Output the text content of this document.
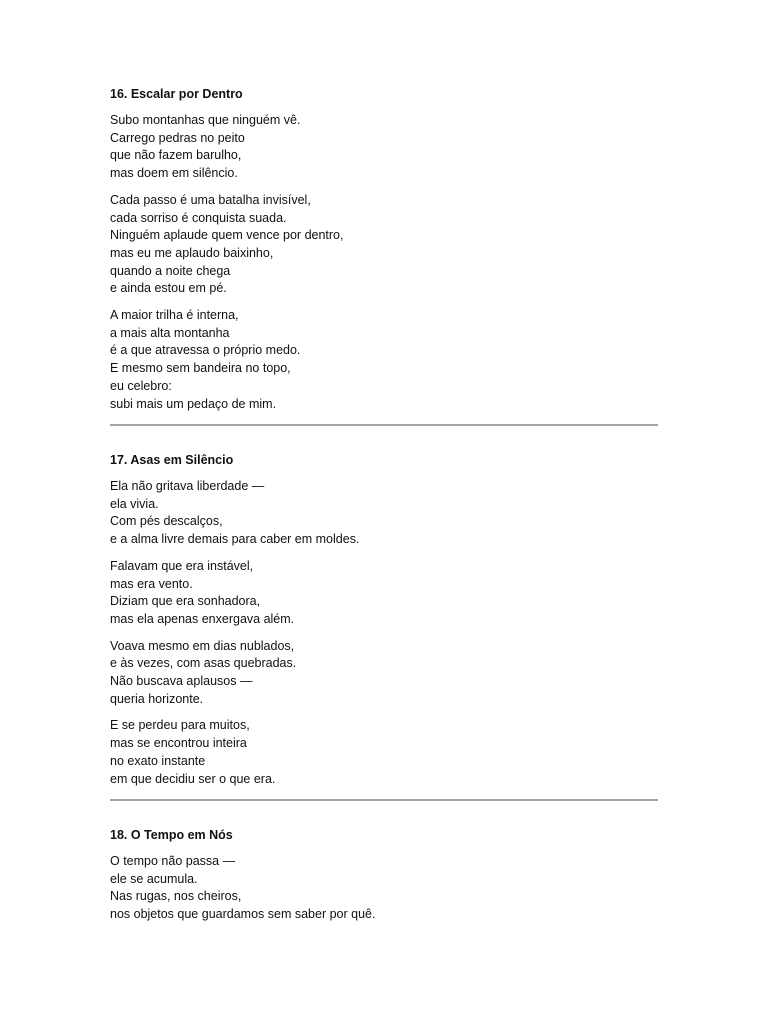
16. Escalar por Dentro
Subo montanhas que ninguém vê.
Carrego pedras no peito
que não fazem barulho,
mas doem em silêncio.
Cada passo é uma batalha invisível,
cada sorriso é conquista suada.
Ninguém aplaude quem vence por dentro,
mas eu me aplaudo baixinho,
quando a noite chega
e ainda estou em pé.
A maior trilha é interna,
a mais alta montanha
é a que atravessa o próprio medo.
E mesmo sem bandeira no topo,
eu celebro:
subi mais um pedaço de mim.
17. Asas em Silêncio
Ela não gritava liberdade —
ela vivia.
Com pés descalços,
e a alma livre demais para caber em moldes.
Falavam que era instável,
mas era vento.
Diziam que era sonhadora,
mas ela apenas enxergava além.
Voava mesmo em dias nublados,
e às vezes, com asas quebradas.
Não buscava aplausos —
queria horizonte.
E se perdeu para muitos,
mas se encontrou inteira
no exato instante
em que decidiu ser o que era.
18. O Tempo em Nós
O tempo não passa —
ele se acumula.
Nas rugas, nos cheiros,
nos objetos que guardamos sem saber por quê.
